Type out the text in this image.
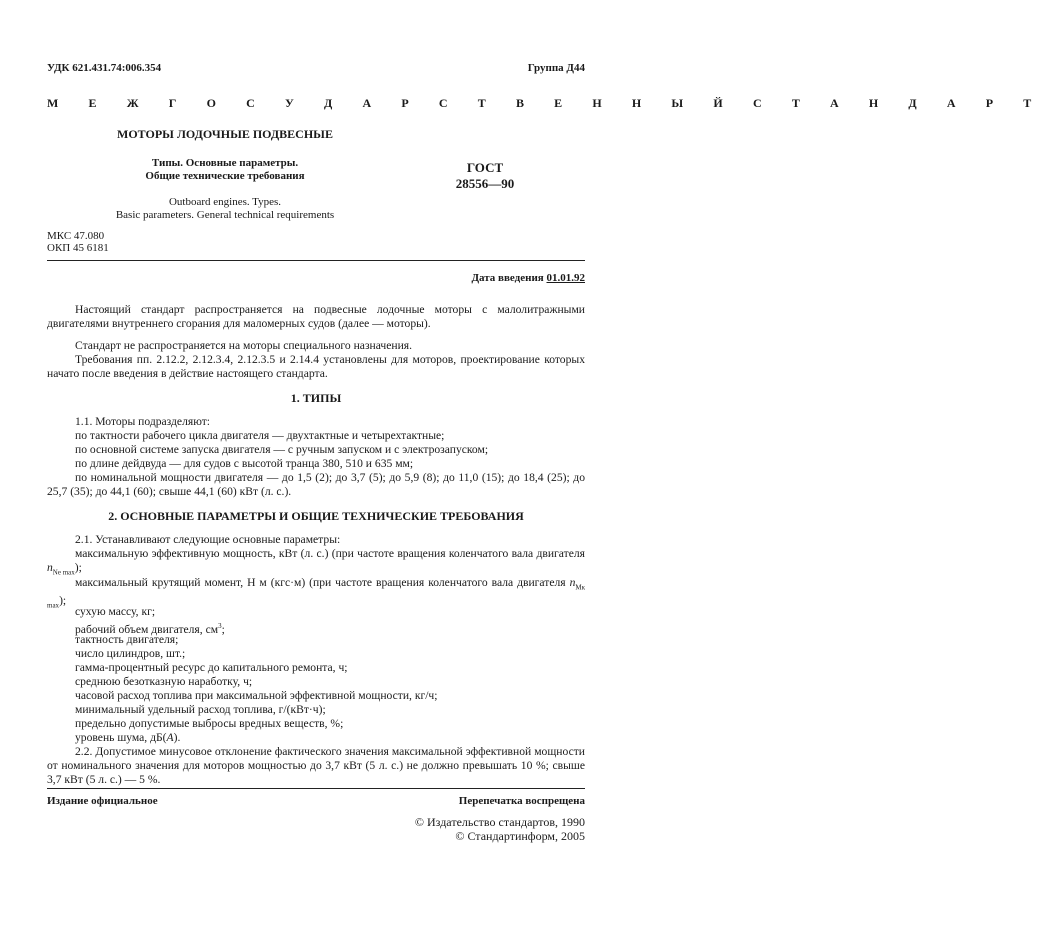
УДК 621.431.74:006.354	Группа Д44
М Е Ж Г О С У Д А Р С Т В Е Н Н Ы Й С Т А Н Д А Р Т
МОТОРЫ ЛОДОЧНЫЕ ПОДВЕСНЫЕ
Типы. Основные параметры.
Общие технические требования
ГОСТ
28556—90
Outboard engines. Types.
Basic parameters. General technical requirements
МКС 47.080
ОКП 45 6181
Дата введения 01.01.92
Настоящий стандарт распространяется на подвесные лодочные моторы с малолитражными двигателями внутреннего сгорания для маломерных судов (далее — моторы).
Стандарт не распространяется на моторы специального назначения.
Требования пп. 2.12.2, 2.12.3.4, 2.12.3.5 и 2.14.4 установлены для моторов, проектирование которых начато после введения в действие настоящего стандарта.
1. ТИПЫ
1.1. Моторы подразделяют:
по тактности рабочего цикла двигателя — двухтактные и четырехтактные;
по основной системе запуска двигателя — с ручным запуском и с электрозапуском;
по длине дейдвуда — для судов с высотой транца 380, 510 и 635 мм;
по номинальной мощности двигателя — до 1,5 (2); до 3,7 (5); до 5,9 (8); до 11,0 (15); до 18,4 (25); до 25,7 (35); до 44,1 (60); свыше 44,1 (60) кВт (л. с.).
2. ОСНОВНЫЕ ПАРАМЕТРЫ И ОБЩИЕ ТЕХНИЧЕСКИЕ ТРЕБОВАНИЯ
2.1. Устанавливают следующие основные параметры:
максимальную эффективную мощность, кВт (л. с.) (при частоте вращения коленчатого вала двигателя $n_{Ne max}$);
максимальный крутящий момент, Н м (кгс·м) (при частоте вращения коленчатого вала двигателя $n_{Mк max}$);
сухую массу, кг;
рабочий объем двигателя, $см^3$;
тактность двигателя;
число цилиндров, шт.;
гамма-процентный ресурс до капитального ремонта, ч;
среднюю безотказную наработку, ч;
часовой расход топлива при максимальной эффективной мощности, кг/ч;
минимальный удельный расход топлива, г/(кВт·ч);
предельно допустимые выбросы вредных веществ, %;
уровень шума, дБ(А).
2.2. Допустимое минусовое отклонение фактического значения максимальной эффективной мощности от номинального значения для моторов мощностью до 3,7 кВт (5 л. с.) не должно превышать 10 %; свыше 3,7 кВт (5 л. с.) — 5 %.
Издание официальное	Перепечатка воспрещена
© Издательство стандартов, 1990
© Стандартинформ, 2005
